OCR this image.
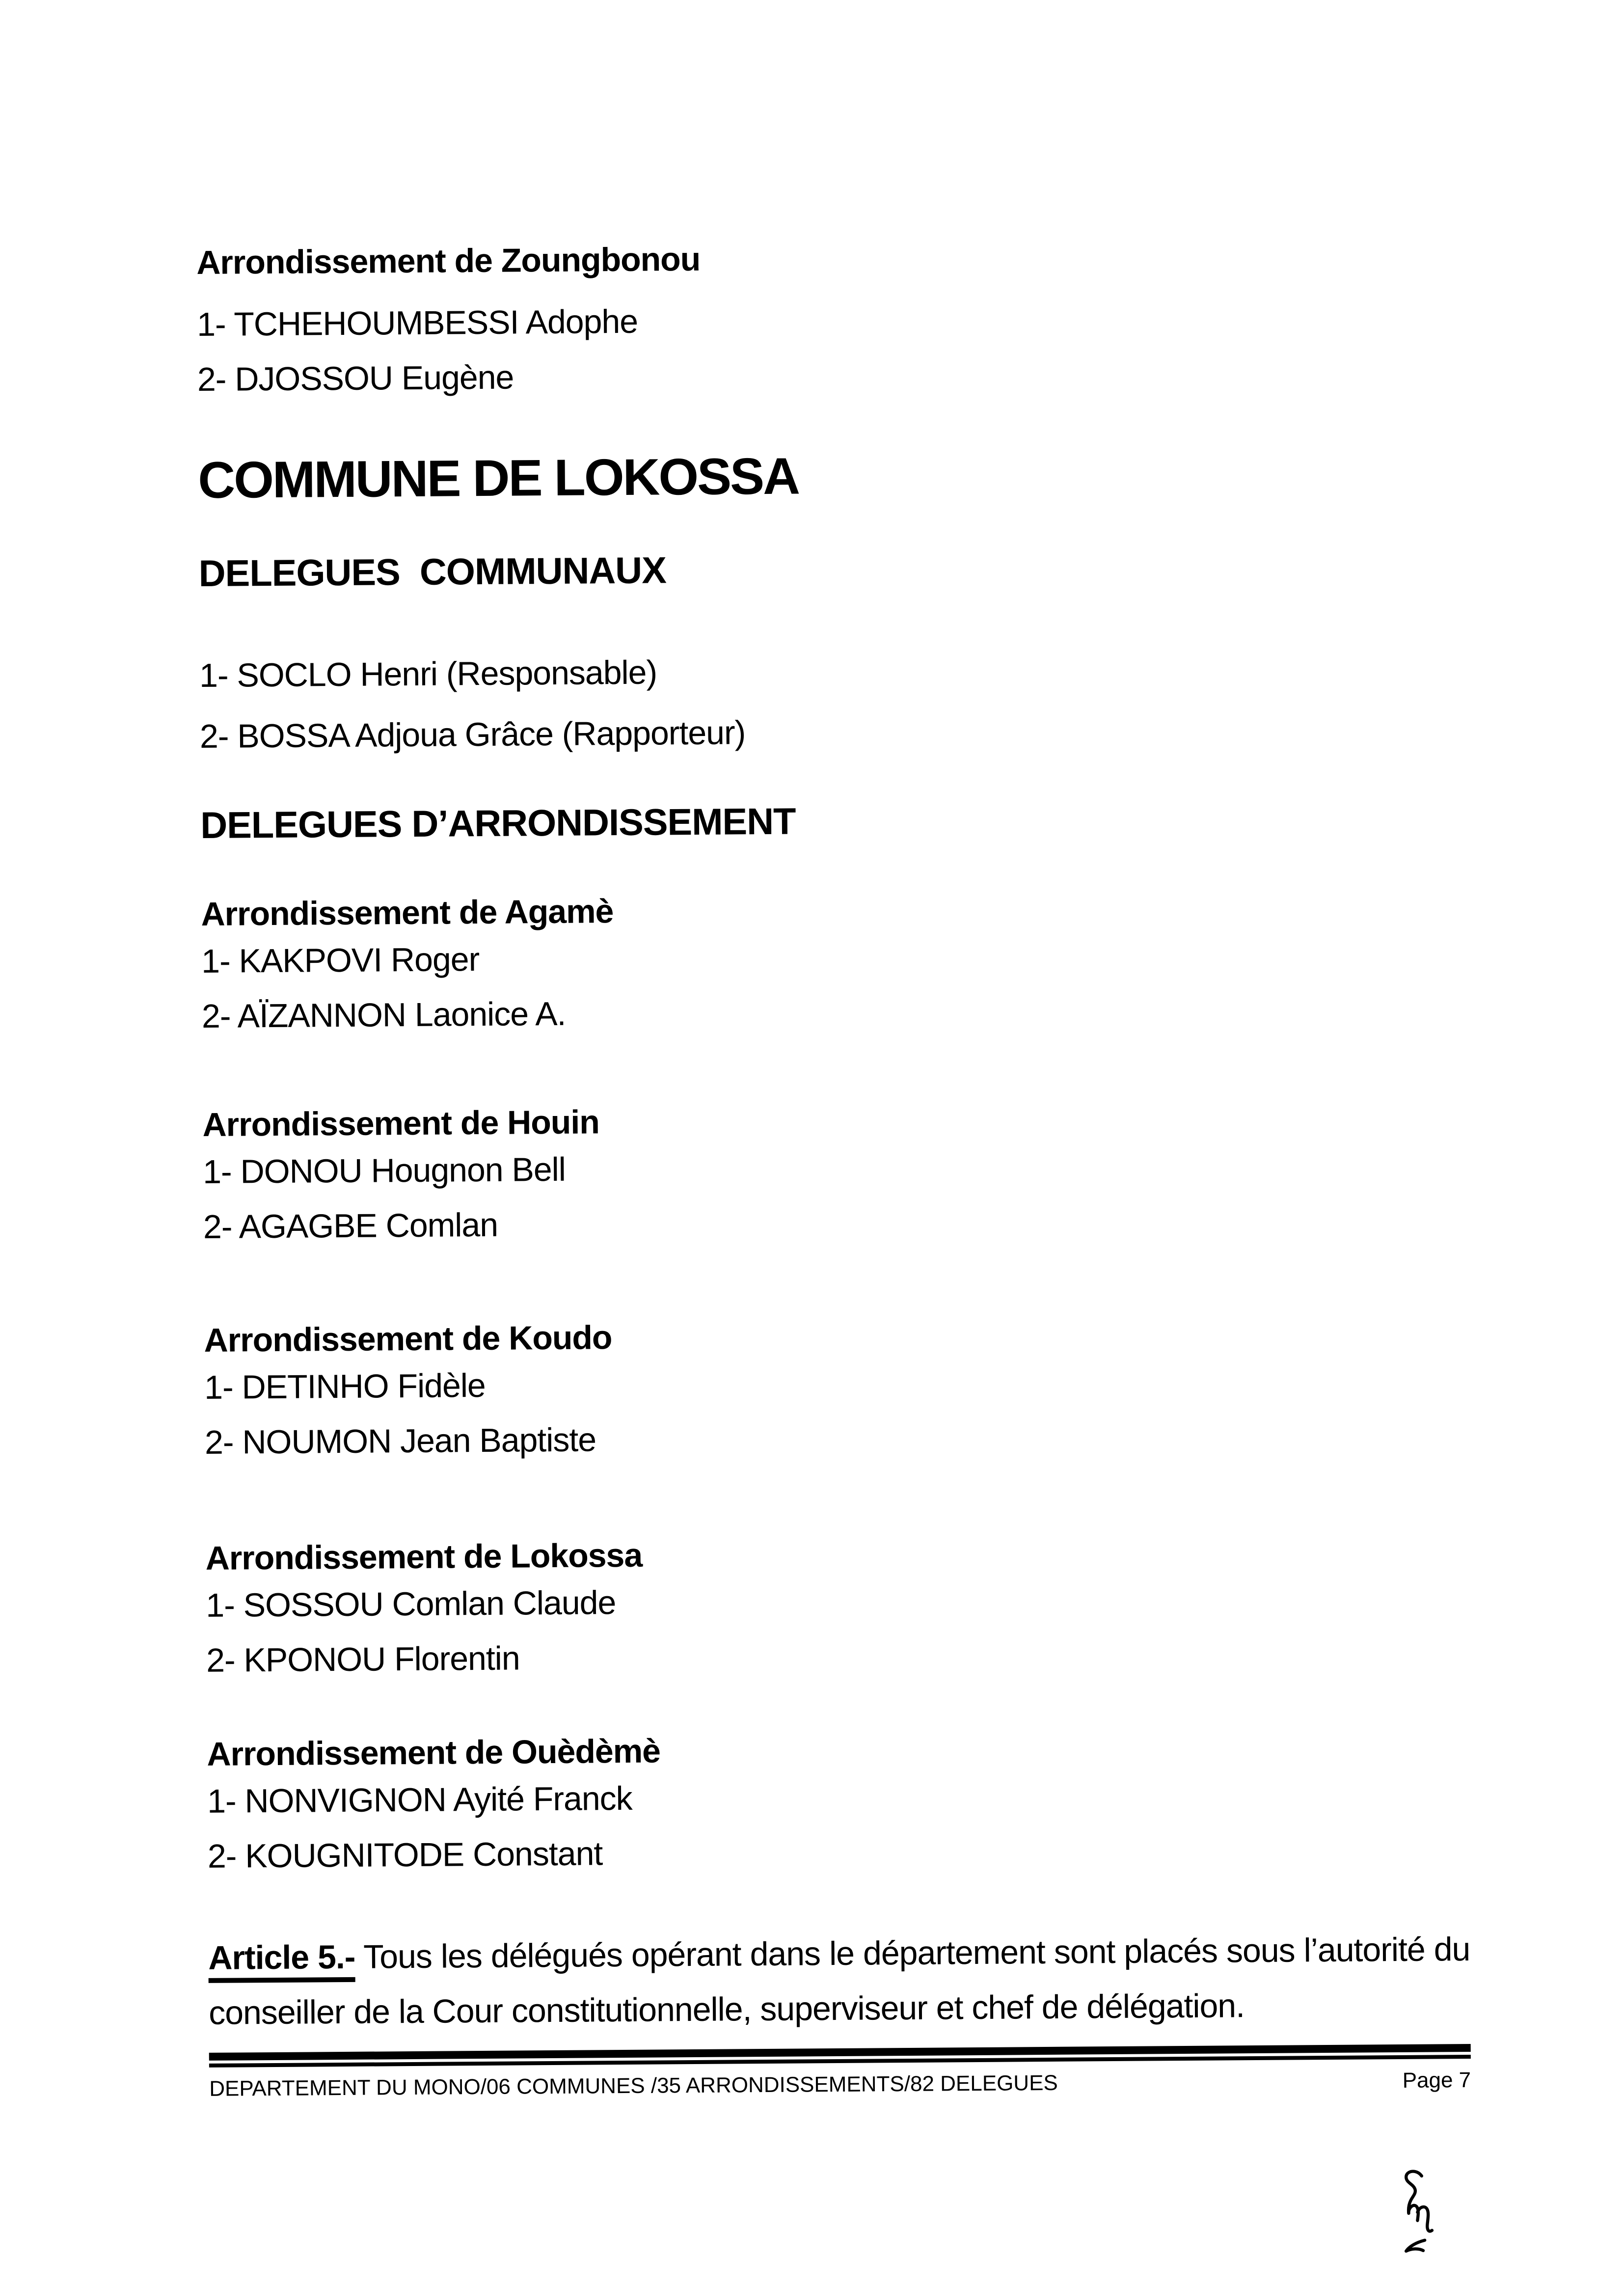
Arrondissement de Zoungbonou

1- TCHEHOUMBESSI Adophe

2- DJOSSOU Eugène

COMMUNE DE LOKOSSA

DELEGUES  COMMUNAUX

1- SOCLO Henri (Responsable)

2- BOSSA Adjoua Grâce (Rapporteur)

DELEGUES D’ARRONDISSEMENT

Arrondissement de Agamè

1- KAKPOVI Roger

2- AÏZANNON Laonice A.

Arrondissement de Houin

1- DONOU Hougnon Bell

2- AGAGBE Comlan

Arrondissement de Koudo

1- DETINHO Fidèle

2- NOUMON Jean Baptiste

Arrondissement de Lokossa

1- SOSSOU Comlan Claude

2- KPONOU Florentin

Arrondissement de Ouèdèmè

1- NONVIGNON Ayité Franck

2- KOUGNITODE Constant

Article 5.- Tous les délégués opérant dans le département sont placés sous l’autorité du conseiller de la Cour constitutionnelle, superviseur et chef de délégation.

DEPARTEMENT DU MONO/06 COMMUNES /35 ARRONDISSEMENTS/82 DELEGUES	Page 7
